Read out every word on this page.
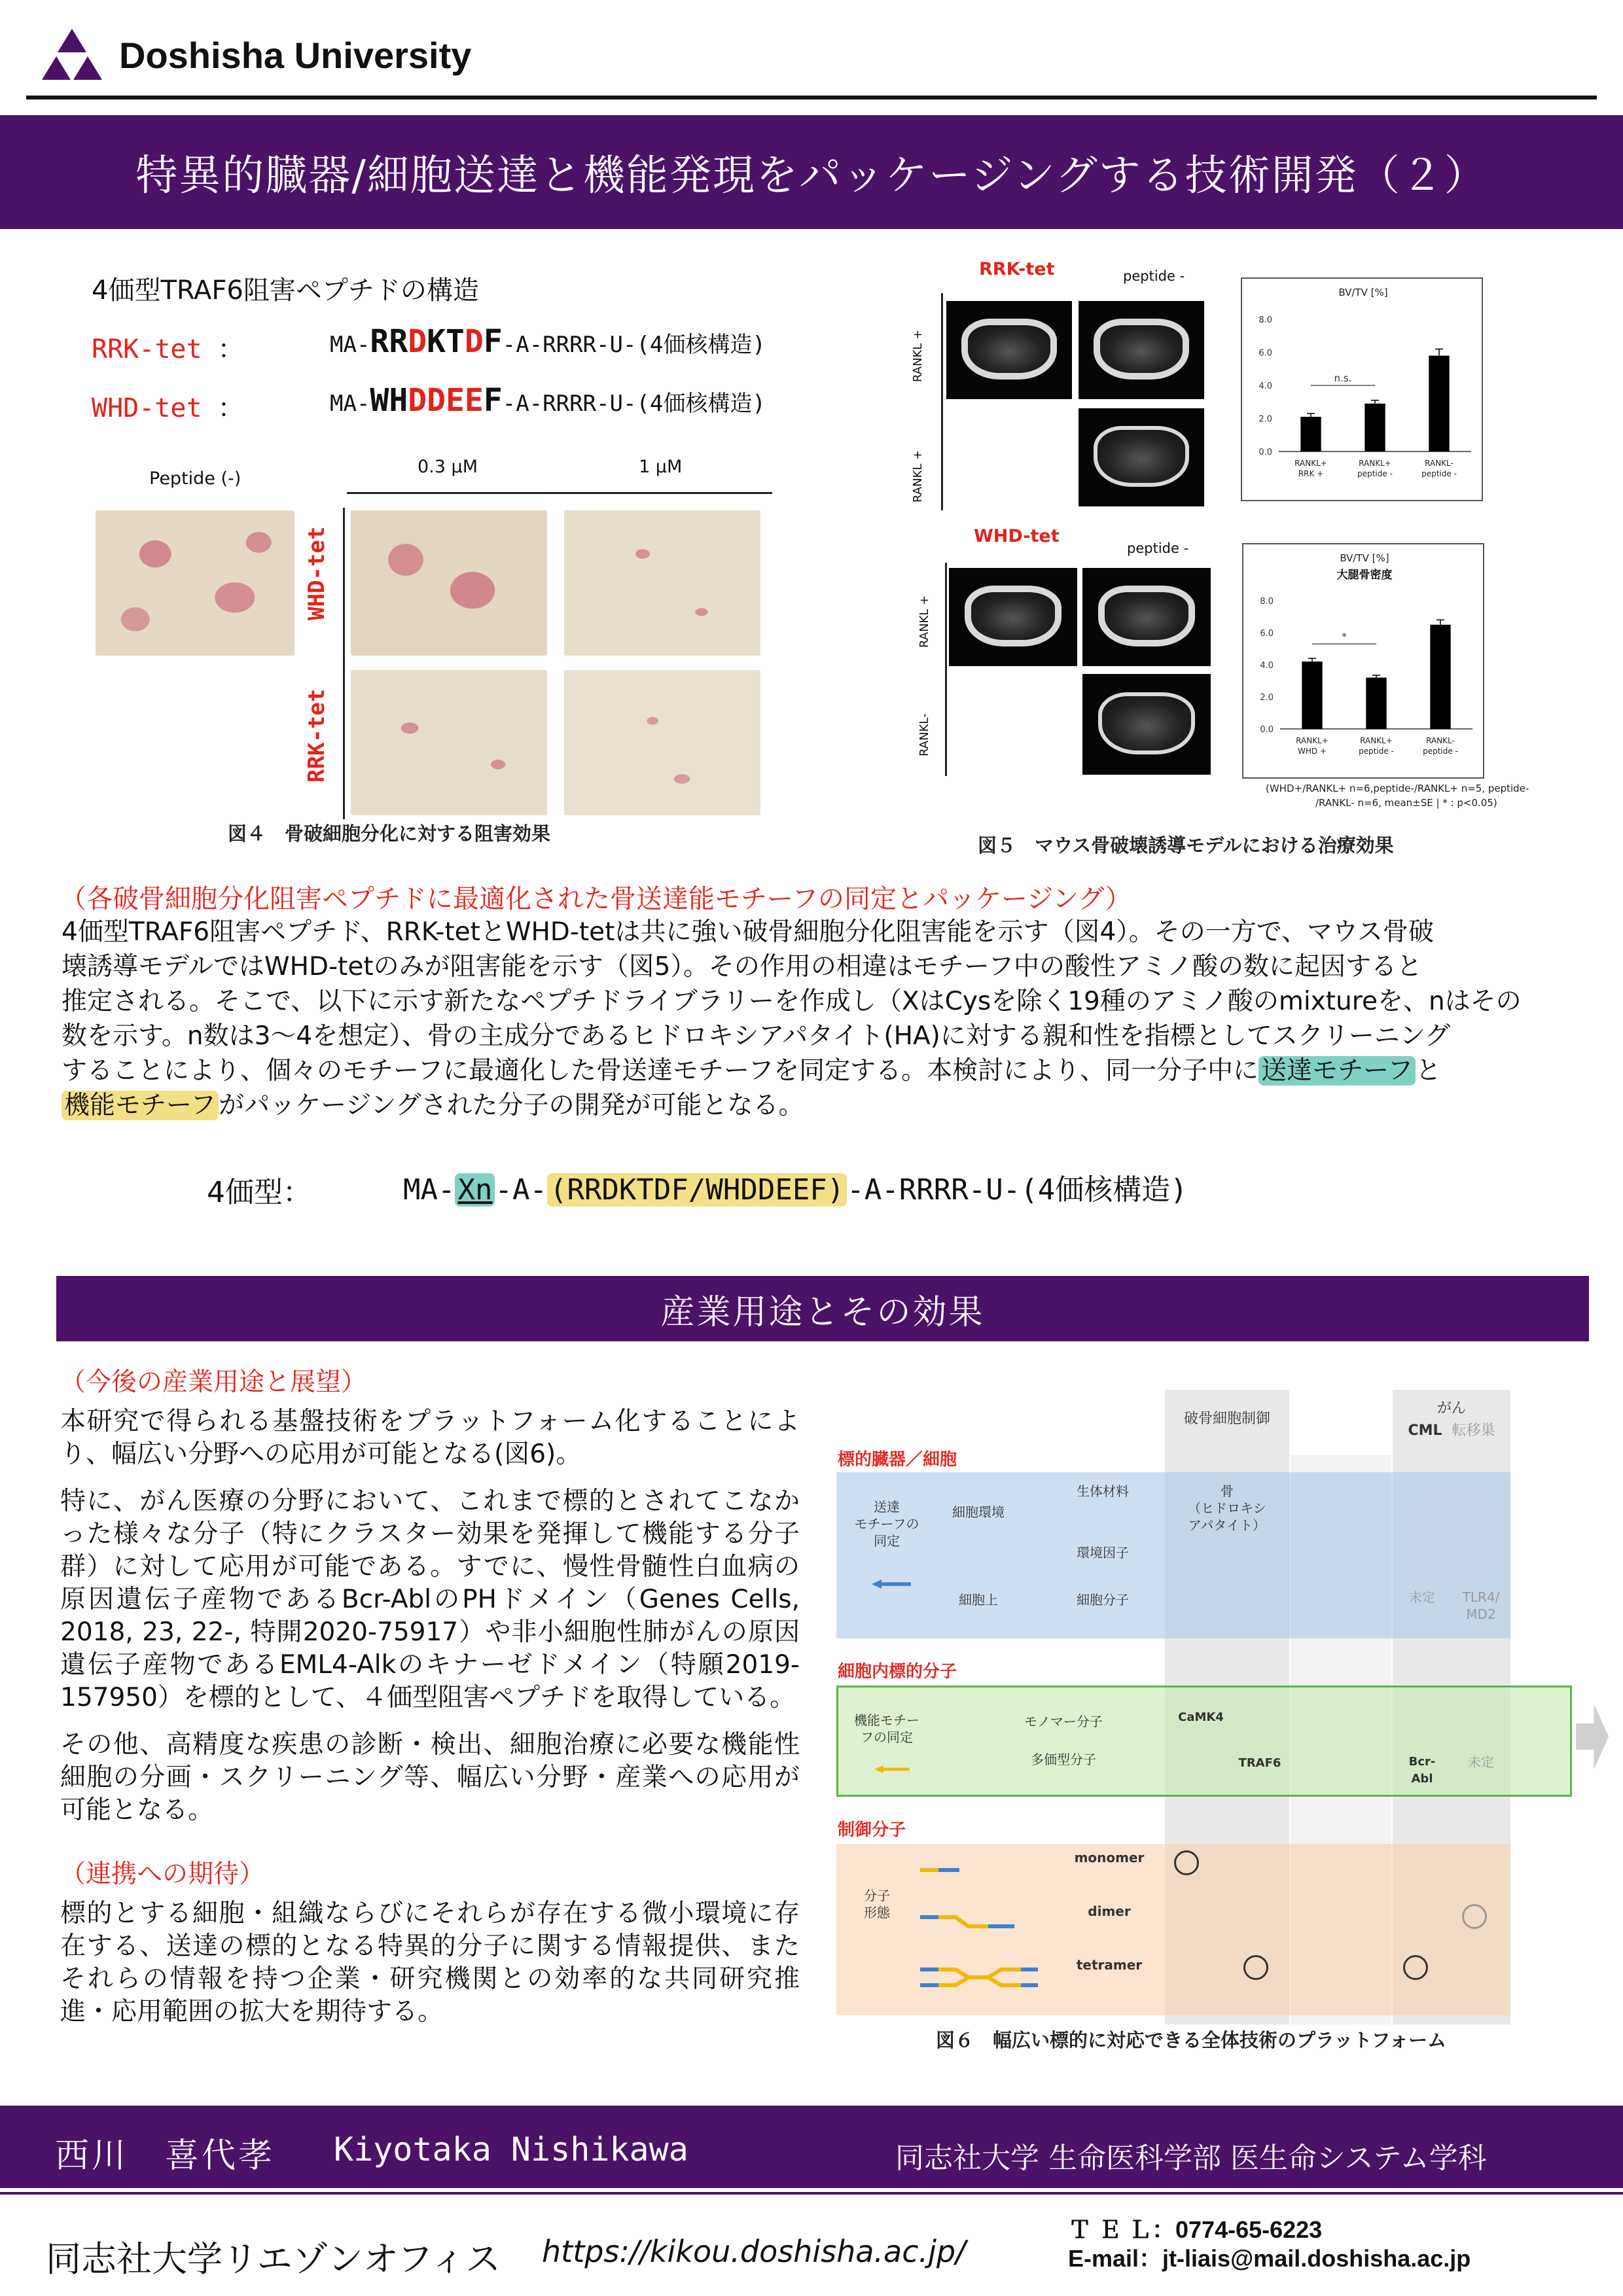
Doshisha University
特異的臓器/細胞送達と機能発現をパッケージングする技術開発（２）
4価型TRAF6阻害ペプチドの構造
RRK-tet ：	MA-RRDKTDF-A-RRRR-U-(4価核構造)
WHD-tet ：	MA-WHDDEEF-A-RRRR-U-(4価核構造)
Peptide (-)
0.3 μM	1 μM
WHD-tet
RRK-tet
図４　骨破細胞分化に対する阻害効果
RRK-tet	peptide -
RANKL +
RANKL +
BV/TV [%]
0.0
2.0
4.0
6.0
8.0
RANKL+
RRK +
RANKL+
peptide -
RANKL-
peptide -
n.s.
WHD-tet
peptide -
RANKL +
RANKL-
BV/TV [%]
大腿骨密度
0.0
2.0
4.0
6.0
8.0
RANKL+
WHD +
RANKL+
peptide -
RANKL-
peptide -
*
(WHD+/RANKL+ n=6,peptide-/RANKL+ n=5, peptide-
/RANKL- n=6, mean±SE | * : p<0.05)
図５　マウス骨破壊誘導モデルにおける治療効果
（各破骨細胞分化阻害ペプチドに最適化された骨送達能モチーフの同定とパッケージング）
4価型TRAF6阻害ペプチド、RRK-tetとWHD-tetは共に強い破骨細胞分化阻害能を示す（図4）。その一方で、マウス骨破
壊誘導モデルではWHD-tetのみが阻害能を示す（図5）。その作用の相違はモチーフ中の酸性アミノ酸の数に起因すると
推定される。そこで、以下に示す新たなペプチドライブラリーを作成し（XはCysを除く19種のアミノ酸のmixtureを、nはその
数を示す。n数は3〜4を想定）、骨の主成分であるヒドロキシアパタイト(HA)に対する親和性を指標としてスクリーニング
することにより、個々のモチーフに最適化した骨送達モチーフを同定する。本検討により、同一分子中に 送達モチーフ と
機能モチーフ がパッケージングされた分子の開発が可能となる。
4価型：	MA-Xn-A-(RRDKTDF/WHDDEEF)-A-RRRR-U-(4価核構造)
産業用途とその効果
（今後の産業用途と展望）

本研究で得られる基盤技術をプラットフォーム化することにより、幅広い分野への応用が可能となる(図6)。

特に、がん医療の分野において、これまで標的とされてこなかった様々な分子（特にクラスター効果を発揮して機能する分子群）に対して応用が可能である。すでに、慢性骨髄性白血病の原因遺伝子産物であるBcr-AblのPHドメイン（Genes Cells, 2018, 23, 22-, 特開2020-75917）や非小細胞性肺がんの原因遺伝子産物であるEML4-Alkのキナーゼドメイン（特願2019-157950）を標的として、４価型阻害ペプチドを取得している。

その他、高精度な疾患の診断・検出、細胞治療に必要な機能性細胞の分画・スクリーニング等、幅広い分野・産業への応用が可能となる。

（連携への期待）

標的とする細胞・組織ならびにそれらが存在する微小環境に存在する、送達の標的となる特異的分子に関する情報提供、またそれらの情報を持つ企業・研究機関との効率的な共同研究推進・応用範囲の拡大を期待する。

破骨細胞制御
がん
CML 転移巣
標的臓器／細胞
送達
モチーフの
同定
細胞環境
細胞上
生体材料
環境因子
細胞分子
骨
（ヒドロキシ
アパタイト）
未定	TLR4/
MD2
細胞内標的分子
機能モチー
フの同定
モノマー分子
多価型分子
CaMK4
TRAF6	Bcr-
Abl
未定
制御分子
分子
形態
monomer
dimer
tetramer
図６　幅広い標的に対応できる全体技術のプラットフォーム
西川　喜代孝 Kiyotaka Nishikawa	同志社大学 生命医科学部 医生命システム学科
同志社大学リエゾンオフィス https://kikou.doshisha.ac.jp/
Ｔ Ｅ Ｌ：0774-65-6223
E-mail：jt-liais@mail.doshisha.ac.jp
